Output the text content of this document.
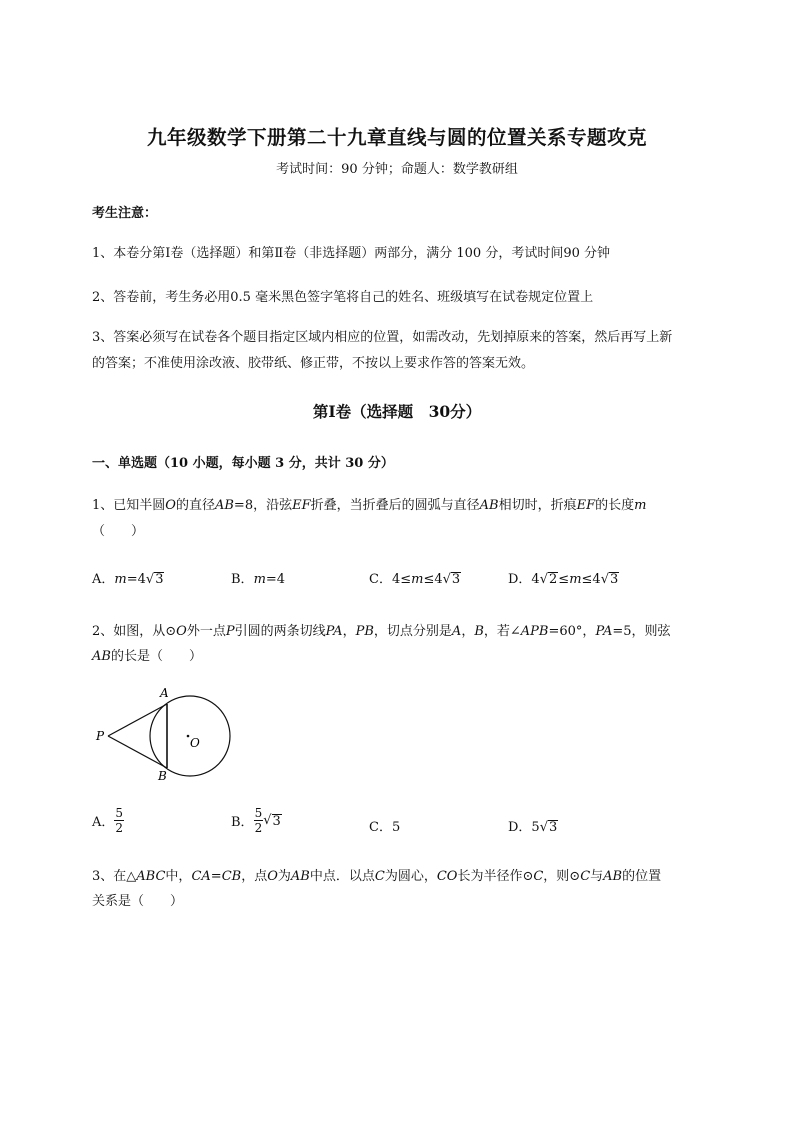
九年级数学下册第二十九章直线与圆的位置关系专题攻克
考试时间：90 分钟；命题人：数学教研组
考生注意：
1、本卷分第Ⅰ卷（选择题）和第Ⅱ卷（非选择题）两部分，满分 100 分，考试时间90 分钟
2、答卷前，考生务必用0.5 毫米黑色签字笔将自己的姓名、班级填写在试卷规定位置上
3、答案必须写在试卷各个题目指定区域内相应的位置，如需改动，先划掉原来的答案，然后再写上新
的答案；不准使用涂改液、胶带纸、修正带，不按以上要求作答的答案无效。
第Ⅰ卷（选择题　30分）
一、单选题（10 小题，每小题 3 分，共计 30 分）
1、已知半圆O的直径AB=8，沿弦EF折叠，当折叠后的圆弧与直径AB相切时，折痕EF的长度m
（　　）
A．m=4√3	B．m=4	C．4≤m≤4√3	D．4√2≤m≤4√3
2、如图，从⊙O外一点P引圆的两条切线PA，PB，切点分别是A，B，若∠APB=60°，PA=5，则弦
AB的长是（　　）
A
B
P	O
A． $\frac{5}{2}$	B． $\frac{5}{2} √3$	C．5	D．5√3
3、在△ABC中，CA=CB，点O为AB中点．以点C为圆心，CO长为半径作⊙C，则⊙C与AB的位置
关系是（　　）
